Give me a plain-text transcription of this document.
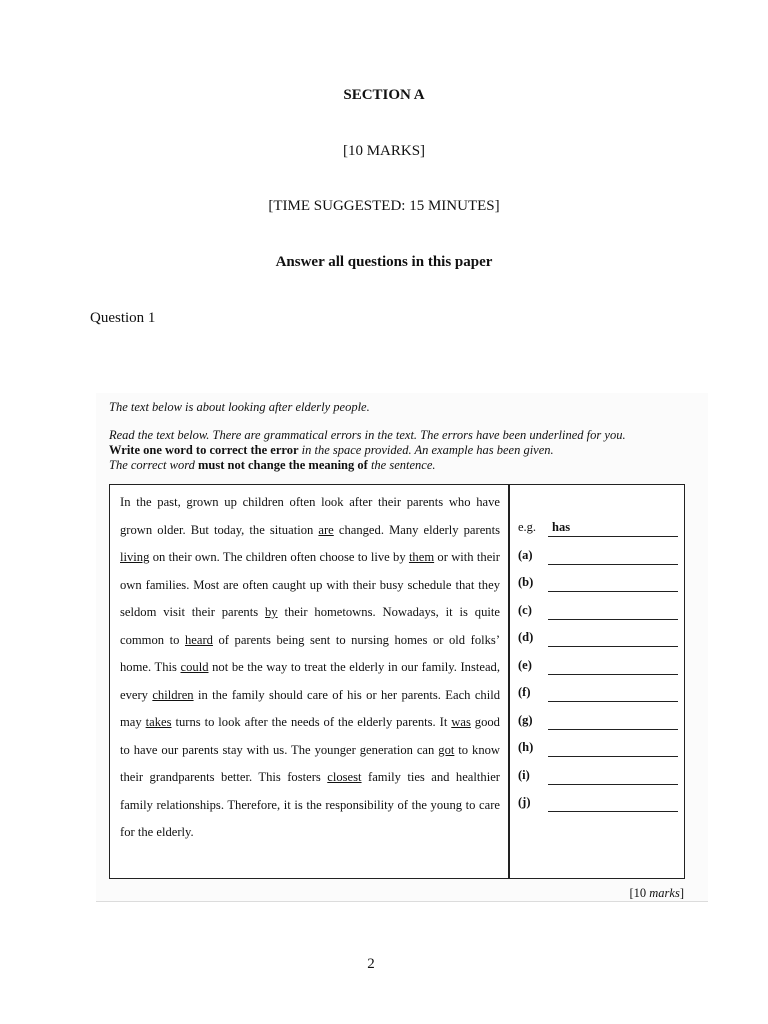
SECTION A
[10 MARKS]
[TIME SUGGESTED: 15 MINUTES]
Answer all questions in this paper
Question 1
The text below is about looking after elderly people.
Read the text below. There are grammatical errors in the text. The errors have been underlined for you.
Write one word to correct the error in the space provided. An example has been given.
The correct word must not change the meaning of the sentence.
In the past, grown up children often look after their parents who have grown older. But today, the situation are changed. Many elderly parents living on their own. The children often choose to live by them or with their own families. Most are often caught up with their busy schedule that they seldom visit their parents by their hometowns. Nowadays, it is quite common to heard of parents being sent to nursing homes or old folks’ home. This could not be the way to treat the elderly in our family. Instead, every children in the family should care of his or her parents. Each child may takes turns to look after the needs of the elderly parents. It was good to have our parents stay with us. The younger generation can got to know their grandparents better. This fosters closest family ties and healthier family relationships. Therefore, it is the responsibility of the young to care for the elderly.
e.g. has
(a)
(b)
(c)
(d)
(e)
(f)
(g)
(h)
(i)
(j)
[10 marks]
2
